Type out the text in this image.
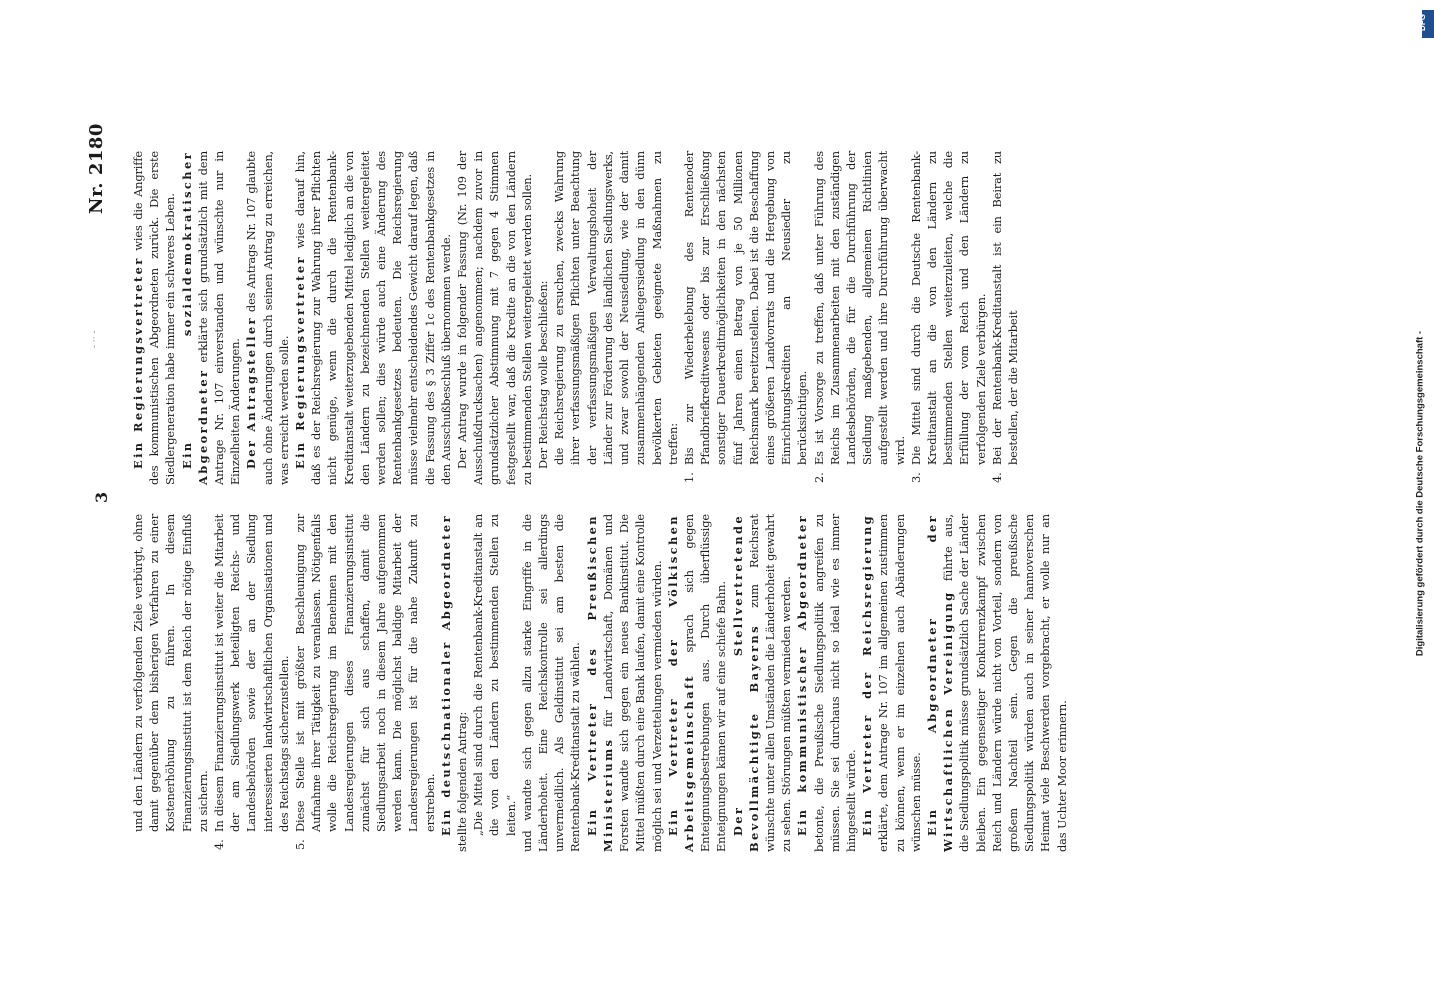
3
- ·· -
Nr. 2180

und den Ländern zu verfolgenden Ziele verbürgt, ohne damit gegenüber dem bisherigen Verfahren zu einer Kostenerhöhung zu führen. In diesem Finanzierungsinstitut ist dem Reich der nötige Einfluß zu sichern.

4.
In diesem Finanzierungsinstitut ist weiter die Mitarbeit der am Siedlungswerk beteiligten Reichs- und Landesbehörden sowie der an der Siedlung interessierten landwirtschaftlichen Organisationen und des Reichstags sicherzustellen.

5.
Diese Stelle ist mit größter Beschleunigung zur Aufnahme ihrer Tätigkeit zu veranlassen. Nötigenfalls wolle die Reichsregierung im Benehmen mit den Landesregierungen dieses Finanzierungsinstitut zunächst für sich aus schaffen, damit die Siedlungsarbeit noch in diesem Jahre aufgenommen werden kann. Die möglichst baldige Mitarbeit der Landesregierungen ist für die nahe Zukunft zu erstreben. Ein deutschnationaler Abgeordneter stellte folgenden Antrag: „Die Mittel sind durch die Rentenbank-Kreditanstalt an die von den Ländern zu bestimmenden Stellen zu leiten.“ und wandte sich gegen allzu starke Eingriffe in die Länderhoheit. Eine Reichskontrolle sei allerdings unvermeidlich. Als Geldinstitut sei am besten die Rentenbank-Kreditanstalt zu wählen. Ein Vertreter des Preußischen Ministeriums für Landwirtschaft, Domänen und Forsten wandte sich gegen ein neues Bankinstitut. Die Mittel müßten durch eine Bank laufen, damit eine Kontrolle möglich sei und Verzettelungen vermieden würden. Ein Vertreter der Völkischen Arbeitsgemeinschaft sprach sich gegen Enteignungsbestrebungen aus. Durch überflüssige Enteignungen kämen wir auf eine schiefe Bahn. Der Stellvertretende Bevollmächtigte Bayerns zum Reichsrat wünschte unter allen Umständen die Länderhoheit gewahrt zu sehen. Störungen müßten vermieden werden. Ein kommunistischer Abgeordneter betonte, die Preußische Siedlungspolitik angreifen zu müssen. Sie sei durchaus nicht so ideal wie es immer hingestellt würde. Ein Vertreter der Reichsregierung erklärte, dem Antrage Nr. 107 im allgemeinen zustimmen zu können, wenn er im einzelnen auch Abänderungen wünschen müsse. Ein Abgeordneter der Wirtschaftlichen Vereinigung führte aus, die Siedlungspolitik müsse grundsätzlich Sache der Länder bleiben. Ein gegenseitiger Konkurrenzkampf zwischen Reich und Ländern würde nicht von Vorteil, sondern von großem Nachteil sein. Gegen die preußische Siedlungspolitik würden auch in seiner hannoverschen Heimat viele Beschwerden vorgebracht, er wolle nur an das Uchter Moor erinnern.

Ein Regierungsvertreter wies die Angriffe des kommunistischen Abgeordneten zurück. Die erste Siedlergeneration habe immer ein schweres Leben. Ein sozialdemokratischer Abgeordneter erklärte sich grundsätzlich mit dem Antrage Nr. 107 einverstanden und wünschte nur in Einzelheiten Änderungen. Der Antragsteller des Antrags Nr. 107 glaubte auch ohne Änderungen durch seinen Antrag zu erreichen, was erreicht werden solle. Ein Regierungsvertreter wies darauf hin, daß es der Reichsregierung zur Wahrung ihrer Pflichten nicht genüge, wenn die durch die Rentenbank-Kreditanstalt weiterzugebenden Mittel lediglich an die von den Ländern zu bezeichnenden Stellen weitergeleitet werden sollen; dies würde auch eine Änderung des Rentenbankgesetzes bedeuten. Die Reichsregierung müsse vielmehr entscheidendes Gewicht darauf legen, daß die Fassung des § 3 Ziffer 1c des Rentenbankgesetzes in den Ausschußbeschluß übernommen werde. Der Antrag wurde in folgender Fassung (Nr. 109 der Ausschußdrucksachen) angenommen; nachdem zuvor in grundsätzlicher Abstimmung mit 7 gegen 4 Stimmen festgestellt war, daß die Kredite an die von den Ländern zu bestimmenden Stellen weitergeleitet werden sollen. Der Reichstag wolle beschließen: die Reichsregierung zu ersuchen, zwecks Wahrung ihrer verfassungsmäßigen Pflichten unter Beachtung der verfassungsmäßigen Verwaltungshoheit der Länder zur Förderung des ländlichen Siedlungswerks, und zwar sowohl der Neusiedlung, wie der damit zusammenhängenden Anliegersiedlung in den dünn bevölkerten Gebieten geeignete Maßnahmen zu treffen:

1.
Bis zur Wiederbelebung des Rentenoder Pfandbriefkreditwesens oder bis zur Erschließung sonstiger Dauerkreditmöglichkeiten in den nächsten fünf Jahren einen Betrag von je 50 Millionen Reichsmark bereitzustellen. Dabei ist die Beschaffung eines größeren Landvorrats und die Hergebung von Einrichtungskrediten an Neusiedler zu berücksichtigen.

2.
Es ist Vorsorge zu treffen, daß unter Führung des Reichs im Zusammenarbeiten mit den zuständigen Landesbehörden, die für die Durchführung der Siedlung maßgebenden, allgemeinen Richtlinien aufgestellt werden und ihre Durchführung überwacht wird.

3.
Die Mittel sind durch die Deutsche Rentenbank-Kreditanstalt an die von den Ländern zu bestimmenden Stellen weiterzuleiten, welche die Erfüllung der vom Reich und den Ländern zu verfolgenden Ziele verbürgen.

4.
Bei der Rentenbank-Kreditanstalt ist ein Beirat zu bestellen, der die Mitarbeit	Digitalisierung gefördert durch die Deutsche Forschungsgemeinschaft -
DFG
